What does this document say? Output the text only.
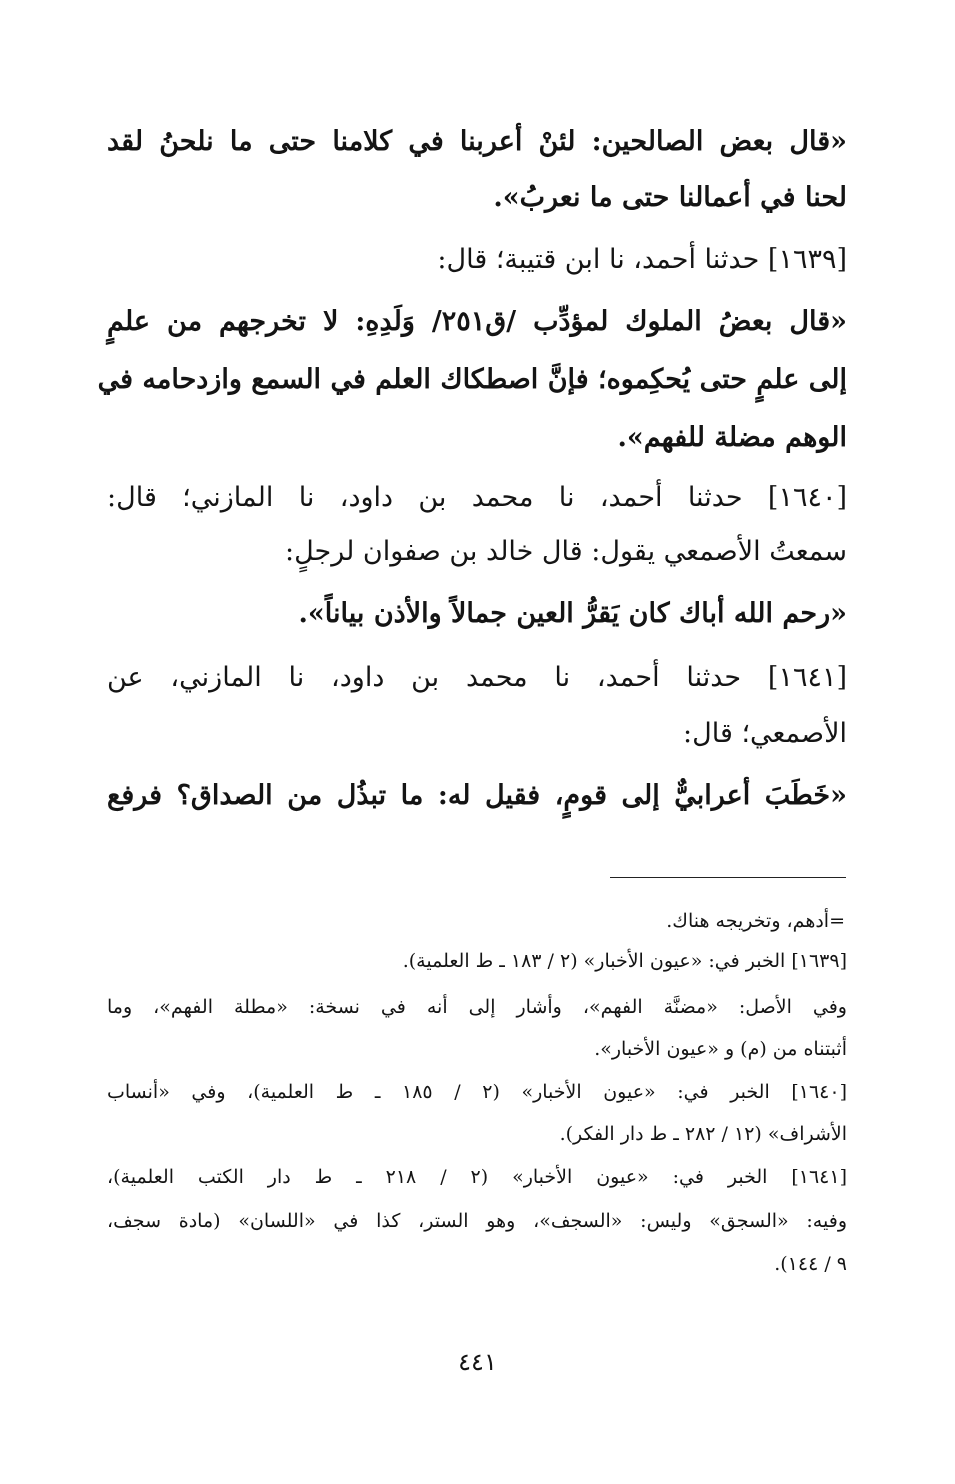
«قال بعض الصالحين: لئنْ أعربنا في كلامنا حتى ما نلحنُ لقد
لحنا في أعمالنا حتى ما نعربُ».
[١٦٣٩] حدثنا أحمد، نا ابن قتيبة؛ قال:
«قال بعضُ الملوك لمؤدِّب /ق٢٥١/ وَلَدِهِ: لا تخرجهم من علمٍ
إلى علمٍ حتى يُحكِموه؛ فإنَّ اصطكاك العلم في السمع وازدحامه في
الوهم مضلة للفهم».
[١٦٤٠] حدثنا أحمد، نا محمد بن داود، نا المازني؛ قال:
سمعتُ الأصمعي يقول: قال خالد بن صفوان لرجلٍ:
«رحم الله أباك كان يَقرُّ العين جمالاً والأذن بياناً».
[١٦٤١] حدثنا أحمد، نا محمد بن داود، نا المازني، عن
الأصمعي؛ قال:
«خَطَبَ أعرابيٌّ إلى قومٍ، فقيل له: ما تبذُل من الصداق؟ فرفع
=أدهم، وتخريجه هناك.
[١٦٣٩] الخبر في: «عيون الأخبار» (٢ / ١٨٣ ـ ط العلمية).
وفي الأصل: «مضنَّة الفهم»، وأشار إلى أنه في نسخة: «مطلة الفهم»، وما
أثبتناه من (م) و «عيون الأخبار».
[١٦٤٠] الخبر في: «عيون الأخبار» (٢ / ١٨٥ ـ ط العلمية)، وفي «أنساب
الأشراف» (١٢ / ٢٨٢ ـ ط دار الفكر).
[١٦٤١] الخبر في: «عيون الأخبار» (٢ / ٢١٨ ـ ط دار الكتب العلمية)،
وفيه: «السجق» وليس: «السجف»، وهو الستر، كذا في «اللسان» (مادة سجف،
٩ / ١٤٤).
٤٤١
